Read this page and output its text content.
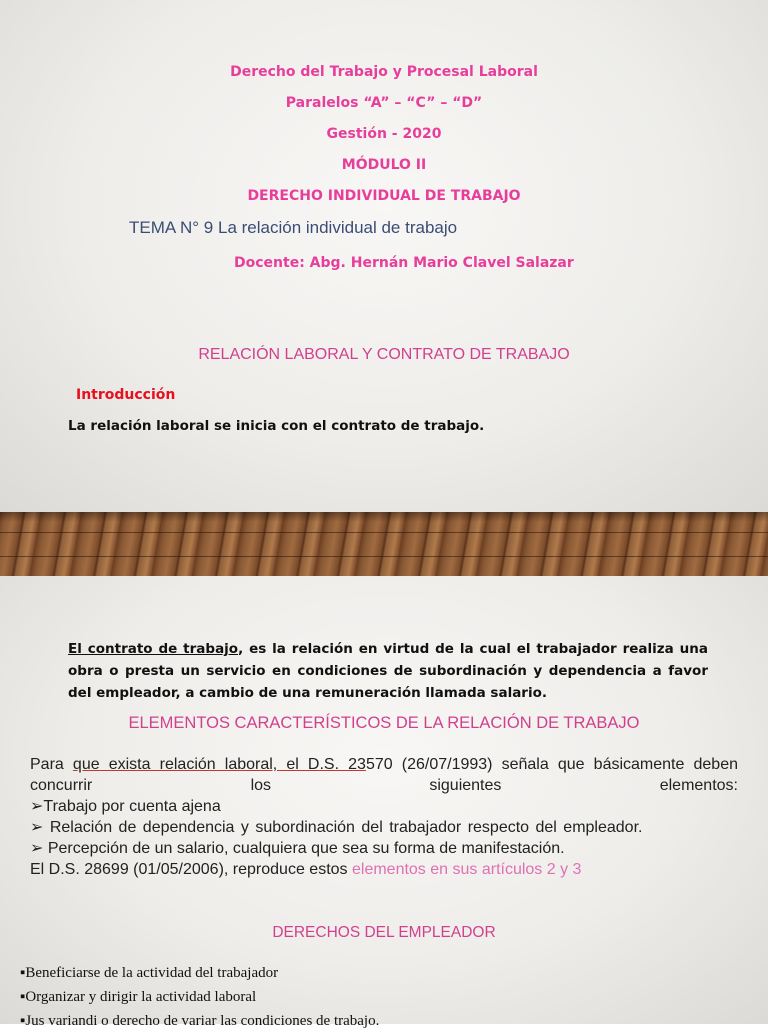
Derecho del Trabajo y Procesal Laboral
Paralelos “A” – “C” – “D”
Gestión - 2020
MÓDULO II
DERECHO INDIVIDUAL DE TRABAJO
TEMA N° 9 La relación individual de trabajo
Docente: Abg. Hernán Mario Clavel Salazar
RELACIÓN LABORAL Y CONTRATO DE TRABAJO
Introducción
La relación laboral se inicia con el contrato de trabajo.
El contrato de trabajo, es la relación en virtud de la cual el trabajador realiza una obra o presta un servicio en condiciones de subordinación y dependencia a favor del empleador, a cambio de una remuneración llamada salario.
ELEMENTOS CARACTERÍSTICOS DE LA RELACIÓN DE TRABAJO
Para que exista relación laboral, el D.S. 23570 (26/07/1993) señala que básicamente deben concurrir los siguientes elementos:
➢Trabajo por cuenta ajena
➢ Relación de dependencia y subordinación del trabajador respecto del empleador.
➢ Percepción de un salario, cualquiera que sea su forma de manifestación.
El D.S. 28699 (01/05/2006), reproduce estos elementos en sus artículos 2 y 3
DERECHOS DEL EMPLEADOR
▪Beneficiarse de la actividad del trabajador
▪Organizar y dirigir la actividad laboral
▪Jus variandi o derecho de variar las condiciones de trabajo.
